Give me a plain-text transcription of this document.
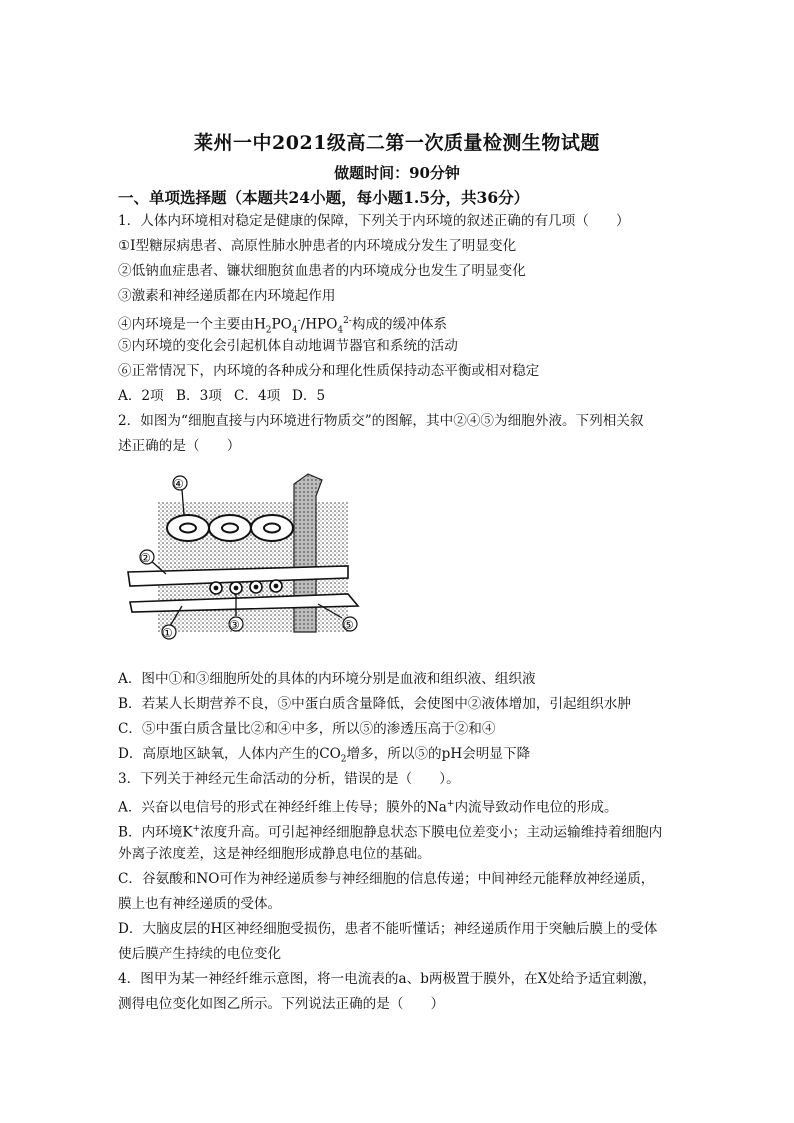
莱州一中2021级高二第一次质量检测生物试题
做题时间：90分钟
一、单项选择题（本题共24小题，每小题1.5分，共36分）
1．人体内环境相对稳定是健康的保障，下列关于内环境的叙述正确的有几项（　　）
①Ⅰ型糖尿病患者、高原性肺水肿患者的内环境成分发生了明显变化
②低钠血症患者、镰状细胞贫血患者的内环境成分也发生了明显变化
③激素和神经递质都在内环境起作用
④内环境是一个主要由$H_2PO_4^-/HPO_4^{2-}$构成的缓冲体系
⑤内环境的变化会引起机体自动地调节器官和系统的活动
⑥正常情况下，内环境的各种成分和理化性质保持动态平衡或相对稳定
A．2项 B．3项 C．4项 D．5
2．如图为“细胞直接与内环境进行物质交”的图解，其中②④⑤为细胞外液。下列相关叙
述正确的是（　　）
④
②
①
③	⑤
A．图中①和③细胞所处的具体的内环境分别是血液和组织液、组织液
B．若某人长期营养不良，⑤中蛋白质含量降低，会使图中②液体增加，引起组织水肿
C．⑤中蛋白质含量比②和④中多，所以⑤的渗透压高于②和④
D．高原地区缺氧，人体内产生的$CO_2$增多，所以⑤的pH会明显下降
3．下列关于神经元生命活动的分析，错误的是（　　）。
A．兴奋以电信号的形式在神经纤维上传导；膜外的Na+内流导致动作电位的形成。
B．内环境K+浓度升高。可引起神经细胞静息状态下膜电位差变小；主动运输维持着细胞内
外离子浓度差，这是神经细胞形成静息电位的基础。
C．谷氨酸和NO可作为神经递质参与神经细胞的信息传递；中间神经元能释放神经递质，
膜上也有神经递质的受体。
D．大脑皮层的H区神经细胞受损伤，患者不能听懂话；神经递质作用于突触后膜上的受体
使后膜产生持续的电位变化
4．图甲为某一神经纤维示意图，将一电流表的a、b两极置于膜外，在X处给予适宜刺激，
测得电位变化如图乙所示。下列说法正确的是（　　）
